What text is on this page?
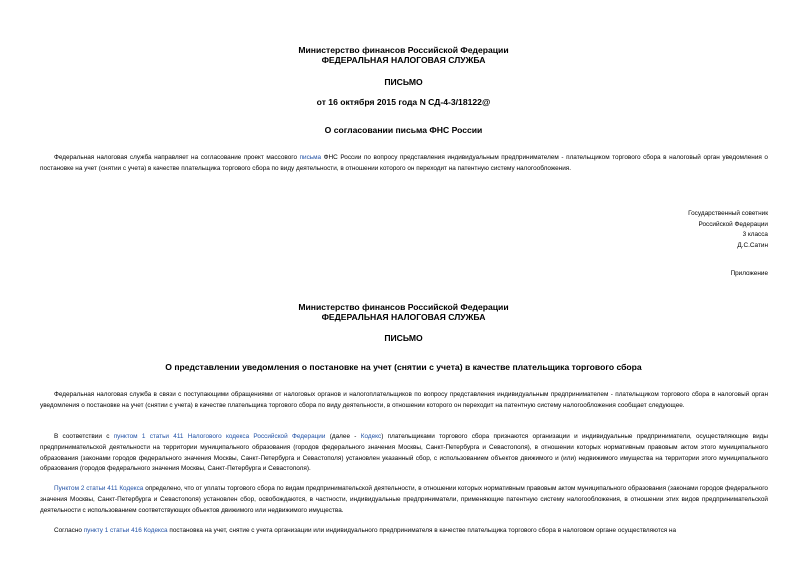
Министерство финансов Российской Федерации
ФЕДЕРАЛЬНАЯ НАЛОГОВАЯ СЛУЖБА
ПИСЬМО
от 16 октября 2015 года N СД-4-3/18122@
О согласовании письма ФНС России
Федеральная налоговая служба направляет на согласование проект массового письма ФНС России по вопросу представления индивидуальным предпринимателем - плательщиком торгового сбора в налоговый орган уведомления о постановке на учет (снятии с учета) в качестве плательщика торгового сбора по виду деятельности, в отношении которого он переходит на патентную систему налогообложения.
Государственный советник
Российской Федерации
3 класса
Д.С.Сатин
Приложение
Министерство финансов Российской Федерации
ФЕДЕРАЛЬНАЯ НАЛОГОВАЯ СЛУЖБА
ПИСЬМО
О представлении уведомления о постановке на учет (снятии с учета) в качестве плательщика торгового сбора
Федеральная налоговая служба в связи с поступающими обращениями от налоговых органов и налогоплательщиков по вопросу представления индивидуальным предпринимателем - плательщиком торгового сбора в налоговый орган уведомления о постановке на учет (снятии с учета) в качестве плательщика торгового сбора по виду деятельности, в отношении которого он переходит на патентную систему налогообложения сообщает следующее.
В соответствии с пунктом 1 статьи 411 Налогового кодекса Российской Федерации (далее - Кодекс) плательщиками торгового сбора признаются организации и индивидуальные предприниматели, осуществляющие виды предпринимательской деятельности на территории муниципального образования (городов федерального значения Москвы, Санкт-Петербурга и Севастополя), в отношении которых нормативным правовым актом этого муниципального образования (законами городов федерального значения Москвы, Санкт-Петербурга и Севастополя) установлен указанный сбор, с использованием объектов движимого и (или) недвижимого имущества на территории этого муниципального образования (городов федерального значения Москвы, Санкт-Петербурга и Севастополя).
Пунктом 2 статьи 411 Кодекса определено, что от уплаты торгового сбора по видам предпринимательской деятельности, в отношении которых нормативным правовым актом муниципального образования (законами городов федерального значения Москвы, Санкт-Петербурга и Севастополя) установлен сбор, освобождаются, в частности, индивидуальные предприниматели, применяющие патентную систему налогообложения, в отношении этих видов предпринимательской деятельности с использованием соответствующих объектов движимого или недвижимого имущества.
Согласно пункту 1 статьи 416 Кодекса постановка на учет, снятие с учета организации или индивидуального предпринимателя в качестве плательщика торгового сбора в налоговом органе осуществляются на
